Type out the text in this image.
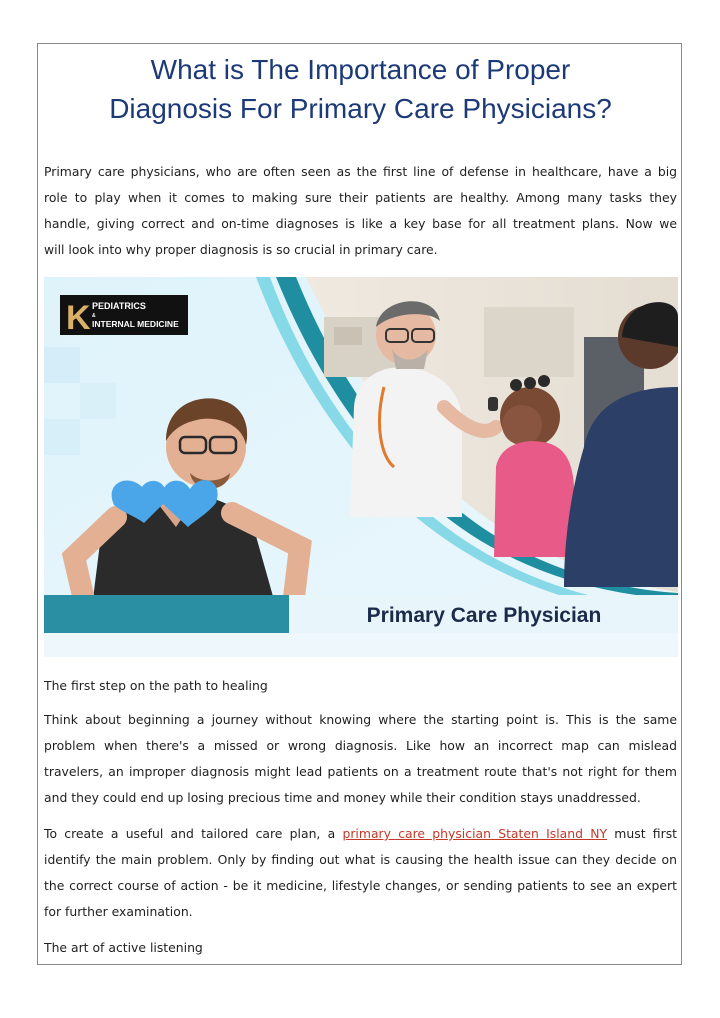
What is The Importance of Proper
Diagnosis For Primary Care Physicians?

Primary care physicians, who are often seen as the first line of defense in healthcare, have a big
role to play when it comes to making sure their patients are healthy. Among many tasks they
handle, giving correct and on-time diagnoses is like a key base for all treatment plans. Now we

will look into why proper diagnosis is so crucial in primary care.

K PEDIATRICS
&
INTERNAL MEDICINE
Primary Care Physician
The first step on the path to healing

Think about beginning a journey without knowing where the starting point is. This is the same
problem when there's a missed or wrong diagnosis. Like how an incorrect map can mislead
travelers, an improper diagnosis might lead patients on a treatment route that's not right for them

and they could end up losing precious time and money while their condition stays unaddressed.

To create a useful and tailored care plan, a primary care physician Staten Island NY must first
identify the main problem. Only by finding out what is causing the health issue can they decide on
the correct course of action - be it medicine, lifestyle changes, or sending patients to see an expert

for further examination.

The art of active listening
